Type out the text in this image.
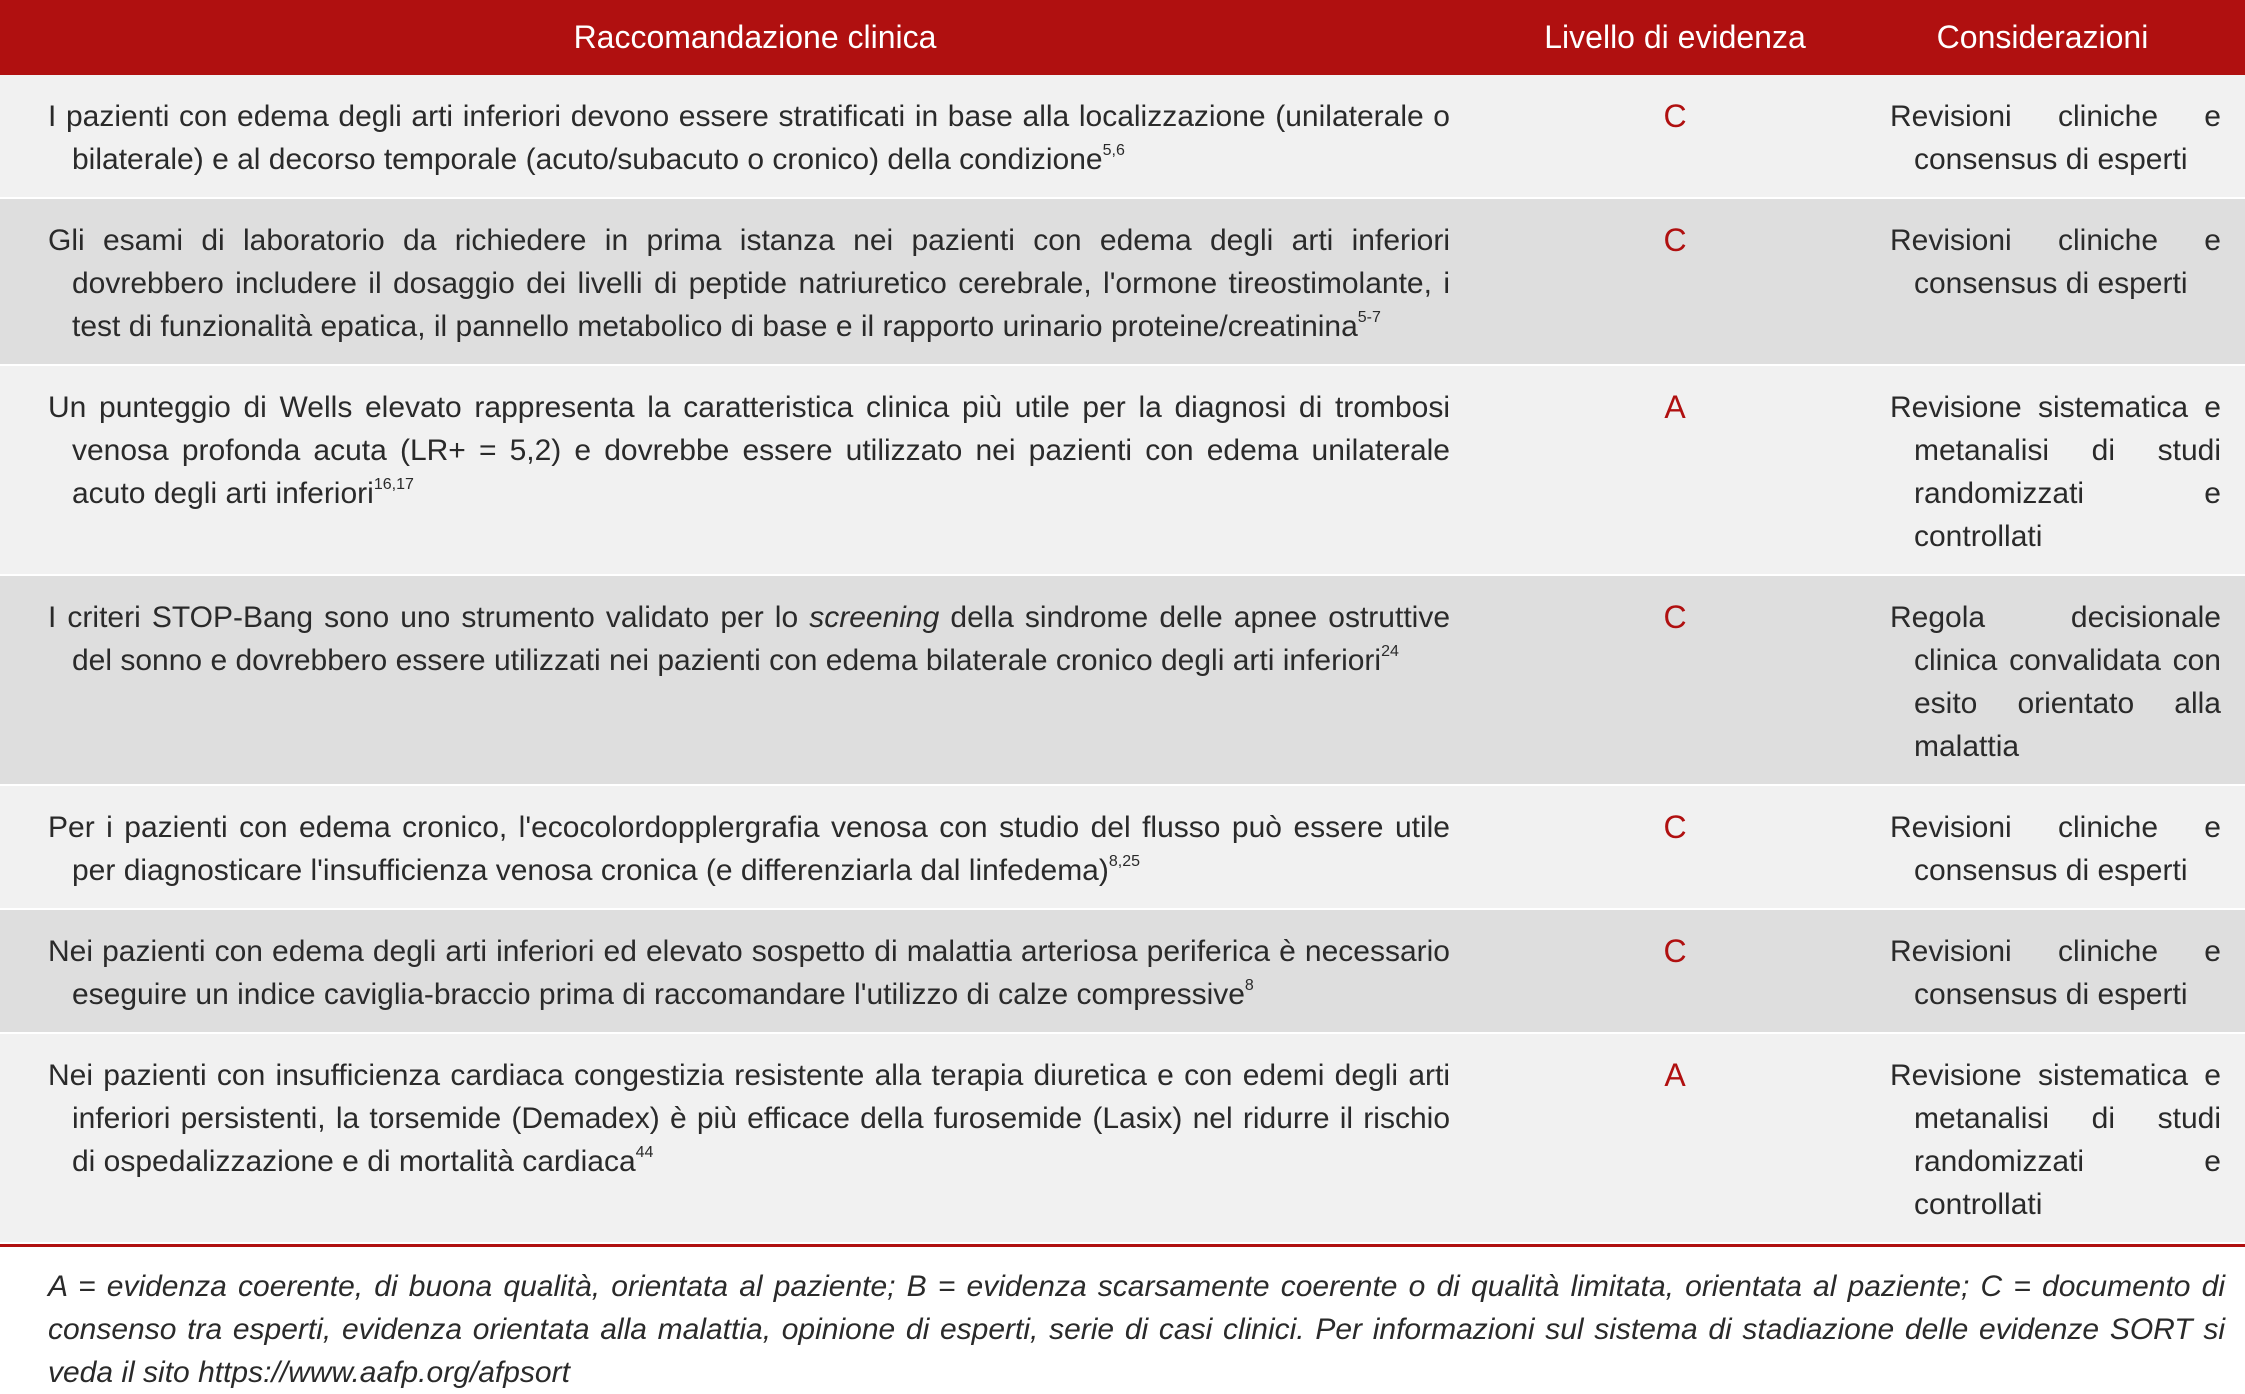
Raccomandazione clinica	Livello di evidenza	Considerazioni

I pazienti con edema degli arti inferiori devono essere stratificati in base alla localizzazione (unilaterale o bilaterale) e al decorso temporale (acuto/subacuto o cronico) della condizione$^{5,6}$	C	Revisioni cliniche e consensus di esperti

Gli esami di laboratorio da richiedere in prima istanza nei pazienti con edema degli arti inferiori dovrebbero includere il dosaggio dei livelli di peptide natriuretico cerebrale, l'ormone tireostimolante, i test di funzionalità epatica, il pannello metabolico di base e il rapporto urinario proteine/creatinina$^{5-7}$	C	Revisioni cliniche e consensus di esperti

Un punteggio di Wells elevato rappresenta la caratteristica clinica più utile per la diagnosi di trombosi venosa profonda acuta (LR+ = 5,2) e dovrebbe essere utilizzato nei pazienti con edema unilaterale acuto degli arti inferiori$^{16,17}$	A	Revisione sistematica e metanalisi di studi randomizzati e controllati

I criteri STOP-Bang sono uno strumento validato per lo screening della sindrome delle apnee ostruttive del sonno e dovrebbero essere utilizzati nei pazienti con edema bilaterale cronico degli arti inferiori$^{24}$	C	Regola decisionale clinica convalidata con esito orientato alla malattia

Per i pazienti con edema cronico, l'ecocolordopplergrafia venosa con studio del flusso può essere utile per diagnosticare l'insufficienza venosa cronica (e differenziarla dal linfedema)$^{8,25}$	C	Revisioni cliniche e consensus di esperti

Nei pazienti con edema degli arti inferiori ed elevato sospetto di malattia arteriosa periferica è necessario eseguire un indice caviglia-braccio prima di raccomandare l'utilizzo di calze compressive$^8$	C	Revisioni cliniche e consensus di esperti

Nei pazienti con insufficienza cardiaca congestizia resistente alla terapia diuretica e con edemi degli arti inferiori persistenti, la torsemide (Demadex) è più efficace della furosemide (Lasix) nel ridurre il rischio di ospedalizzazione e di mortalità cardiaca$^{44}$	A	Revisione sistematica e metanalisi di studi randomizzati e controllati
A = evidenza coerente, di buona qualità, orientata al paziente; B = evidenza scarsamente coerente o di qualità limitata, orientata al paziente; C = documento di consenso tra esperti, evidenza orientata alla malattia, opinione di esperti, serie di casi clinici. Per informazioni sul sistema di stadiazione delle evidenze SORT si veda il sito https://www.aafp.org/afpsort
